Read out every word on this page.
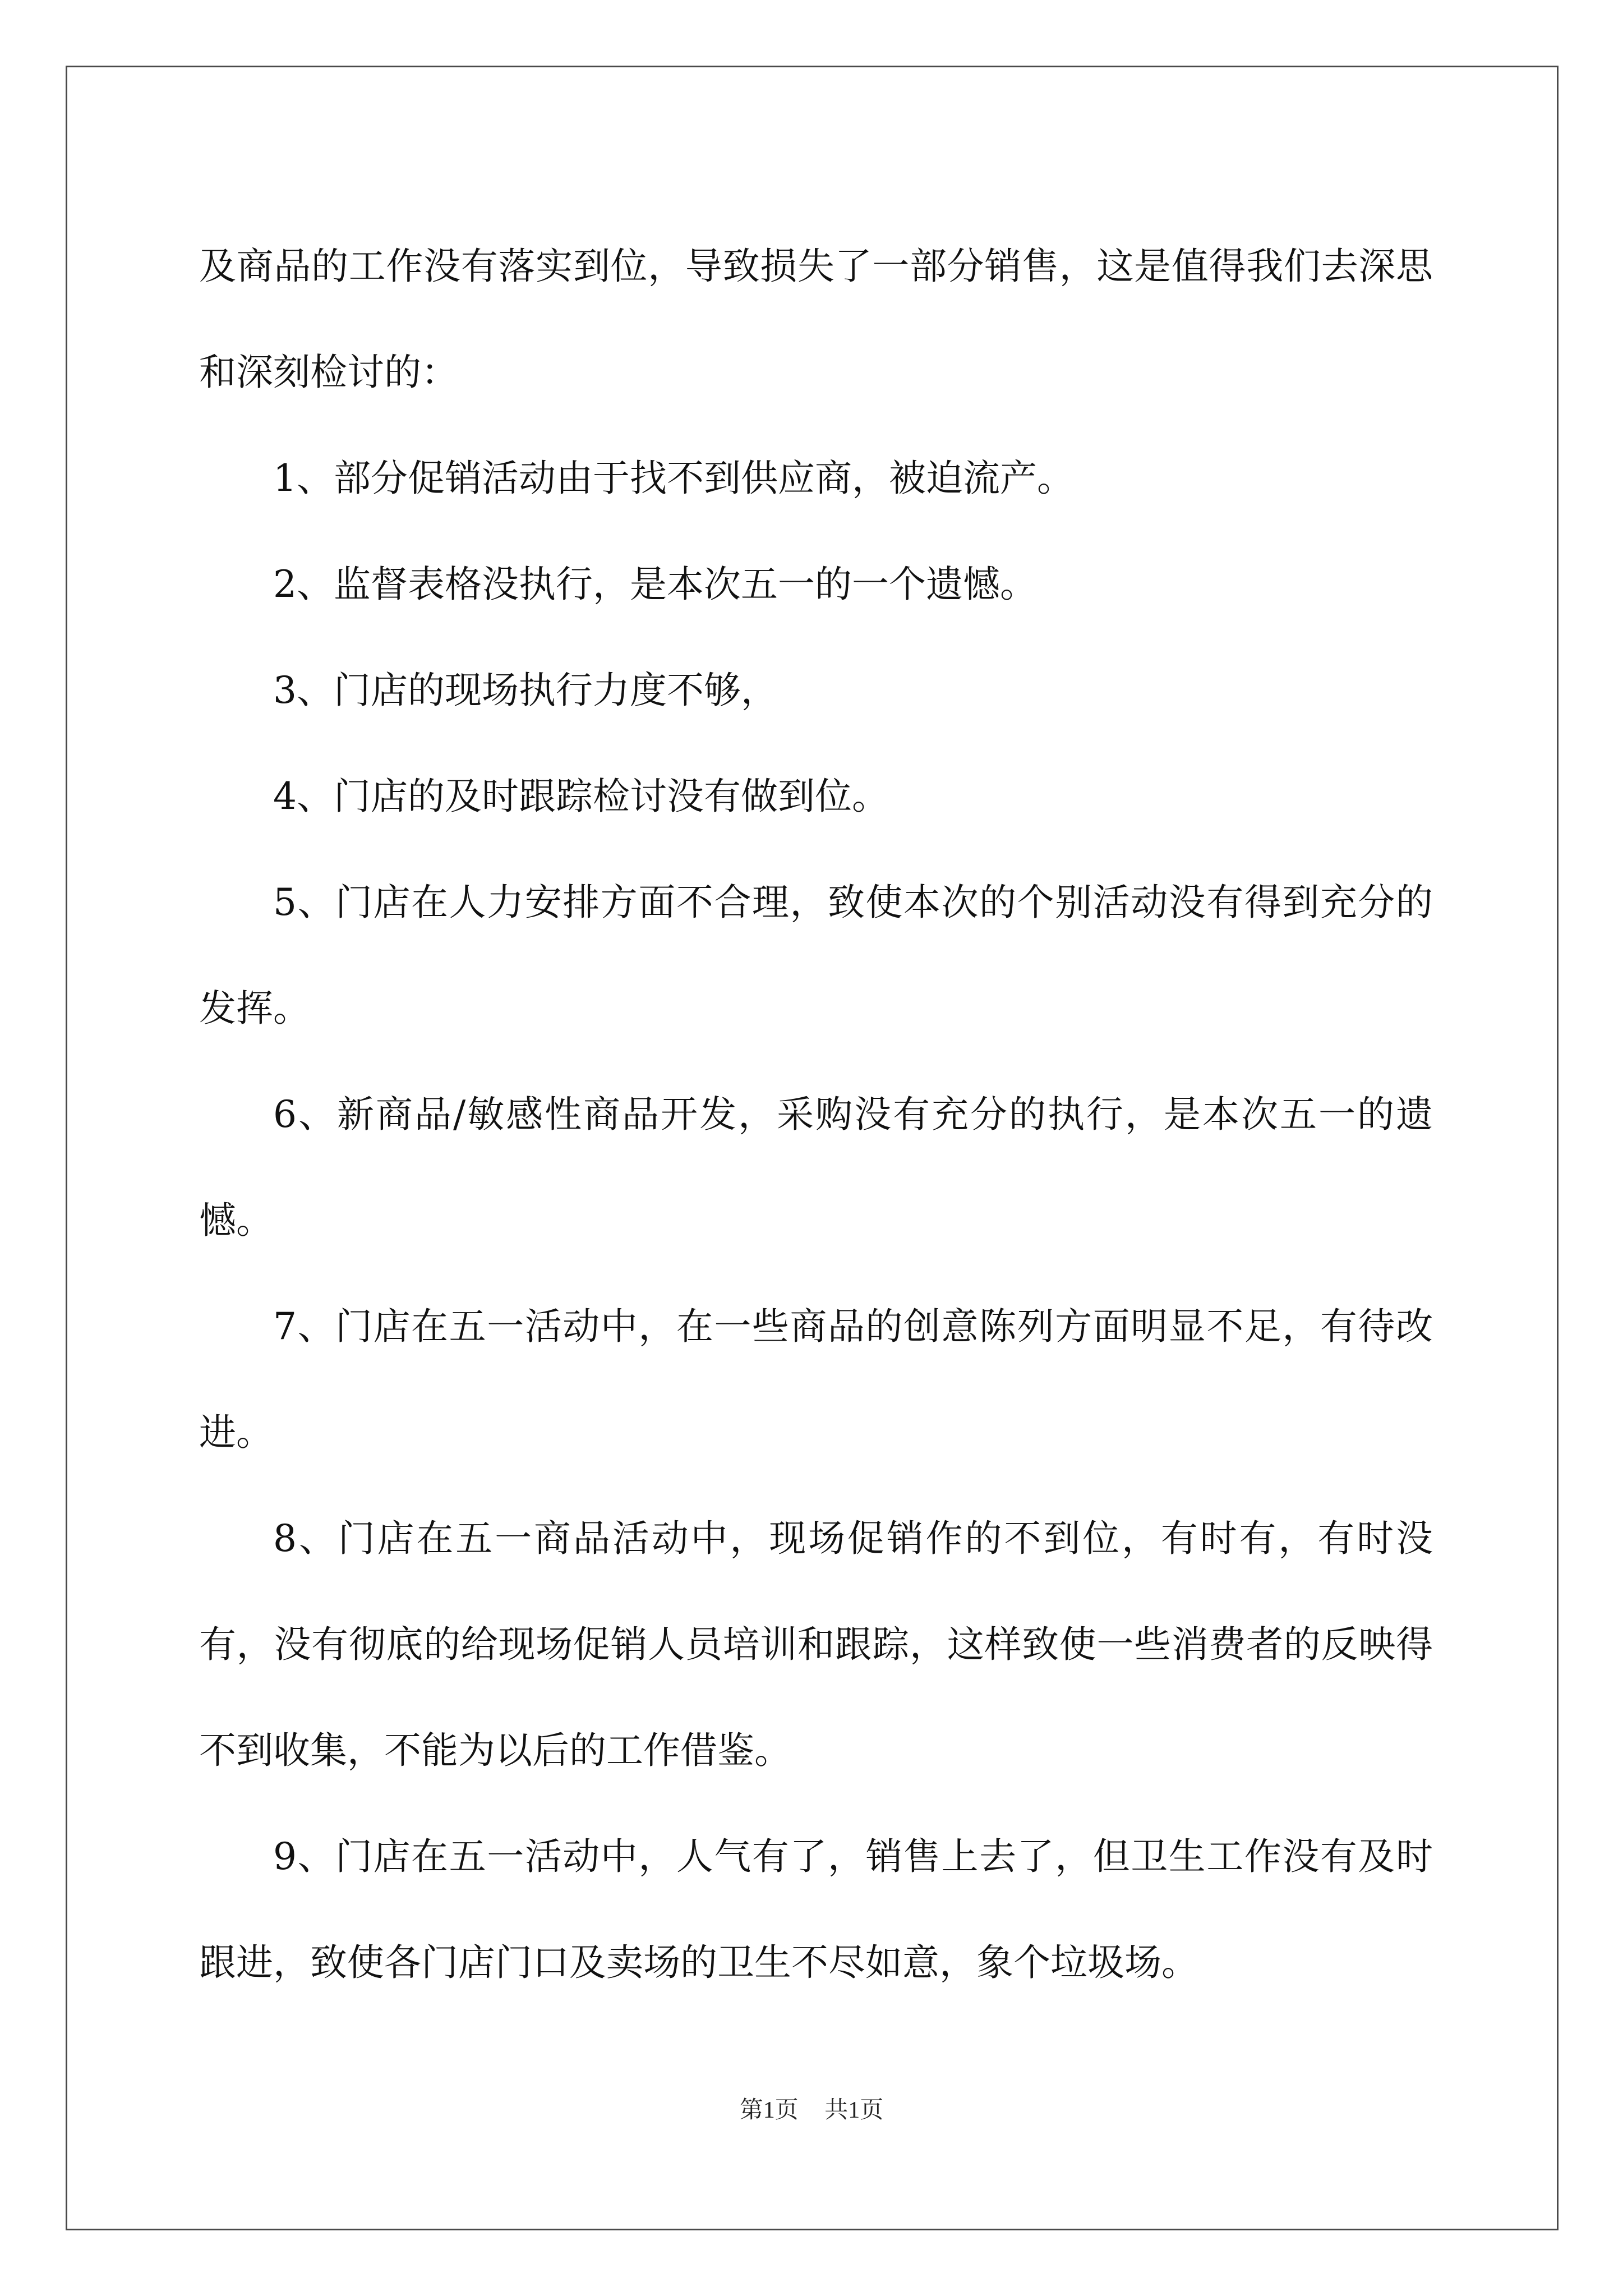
及商品的工作没有落实到位，导致损失了一部分销售，这是值得我们去深思和深刻检讨的：

1、部分促销活动由于找不到供应商，被迫流产。

2、监督表格没执行，是本次五一的一个遗憾。

3、门店的现场执行力度不够，

4、门店的及时跟踪检讨没有做到位。

5、门店在人力安排方面不合理，致使本次的个别活动没有得到充分的发挥。

6、新商品/敏感性商品开发，采购没有充分的执行，是本次五一的遗憾。

7、门店在五一活动中，在一些商品的创意陈列方面明显不足，有待改进。

8、门店在五一商品活动中，现场促销作的不到位，有时有，有时没有，没有彻底的给现场促销人员培训和跟踪，这样致使一些消费者的反映得不到收集，不能为以后的工作借鉴。

9、门店在五一活动中，人气有了，销售上去了，但卫生工作没有及时跟进，致使各门店门口及卖场的卫生不尽如意，象个垃圾场。

第1页 共1页
